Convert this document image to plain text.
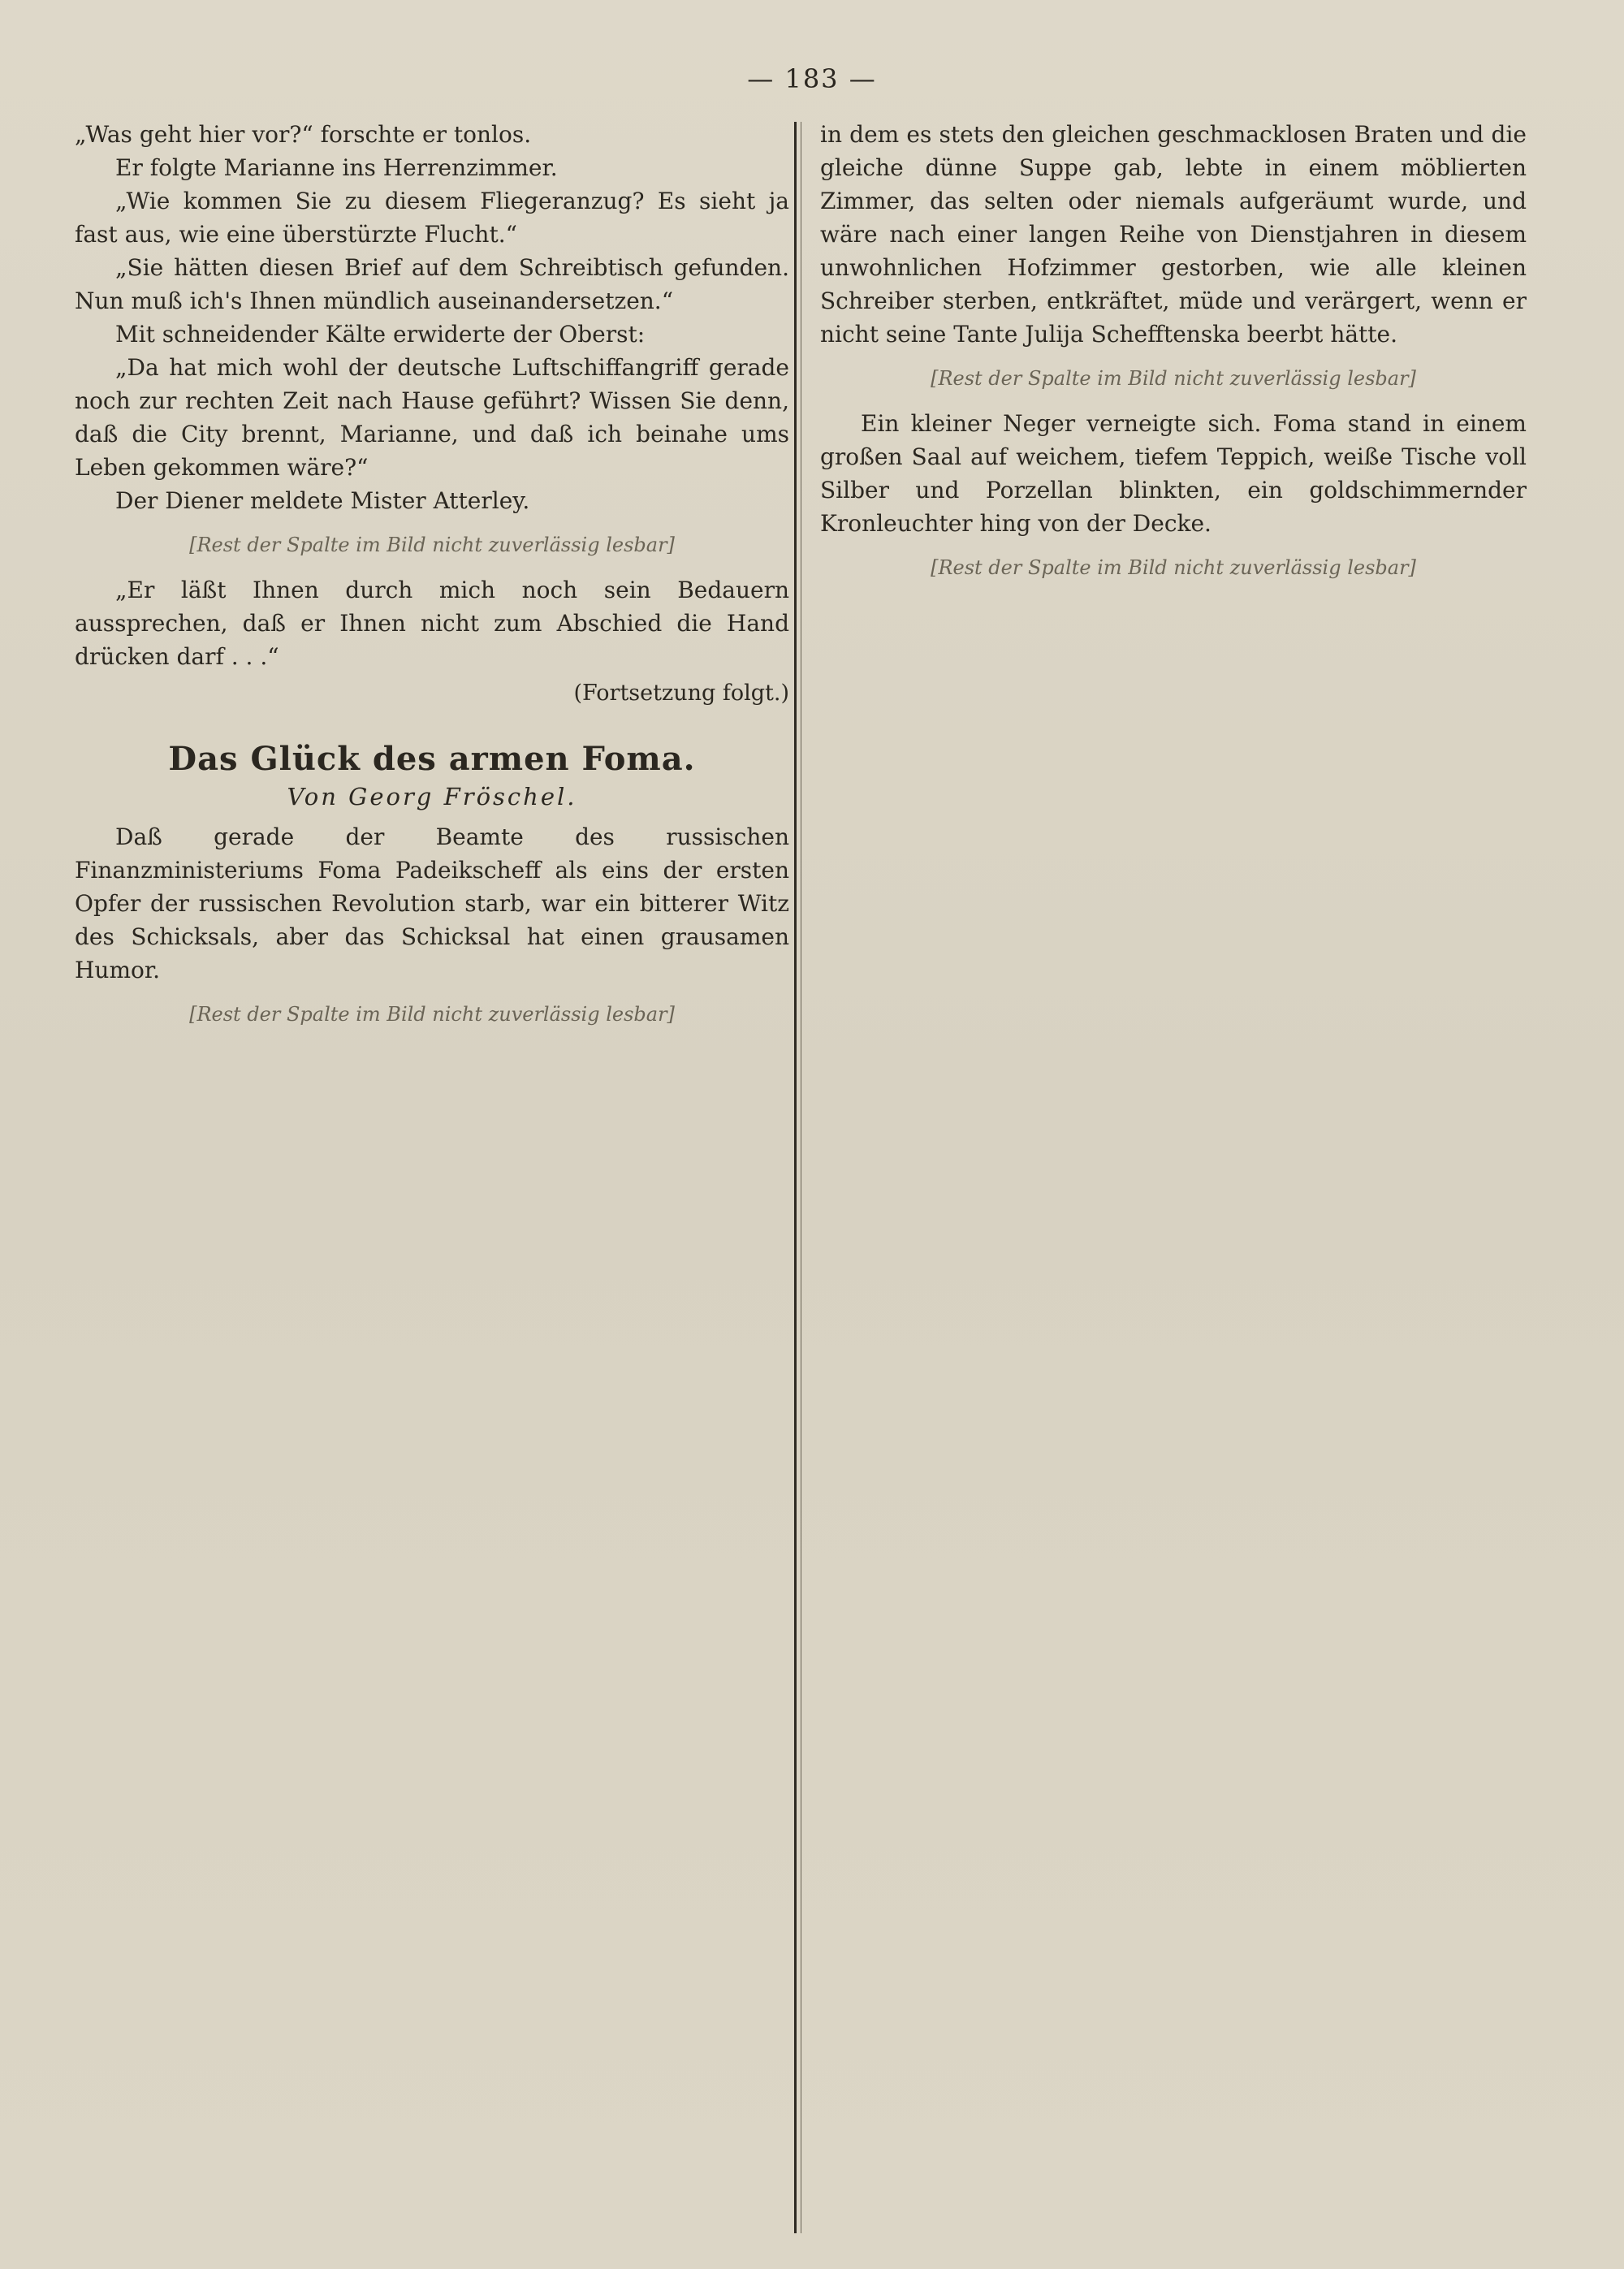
— 183 —

„Was geht hier vor?“ forschte er tonlos.

Er folgte Marianne ins Herrenzimmer.

„Wie kommen Sie zu diesem Fliegeranzug? Es sieht ja fast aus, wie eine überstürzte Flucht.“

„Sie hätten diesen Brief auf dem Schreibtisch gefunden. Nun muß ich's Ihnen mündlich auseinandersetzen.“

Mit schneidender Kälte erwiderte der Oberst:

„Da hat mich wohl der deutsche Luftschiffangriff gerade noch zur rechten Zeit nach Hause geführt? Wissen Sie denn, daß die City brennt, Marianne, und daß ich beinahe ums Leben gekommen wäre?“

Der Diener meldete Mister Atterley.

[Rest der Spalte im Bild nicht zuverlässig lesbar]

„Er läßt Ihnen durch mich noch sein Bedauern aussprechen, daß er Ihnen nicht zum Abschied die Hand drücken darf . . .“

(Fortsetzung folgt.)
Das Glück des armen Foma.
Von Georg Fröschel.

Daß gerade der Beamte des russischen Finanzministeriums Foma Padeikscheff als eins der ersten Opfer der russischen Revolution starb, war ein bitterer Witz des Schicksals, aber das Schicksal hat einen grausamen Humor.

[Rest der Spalte im Bild nicht zuverlässig lesbar]

in dem es stets den gleichen geschmacklosen Braten und die gleiche dünne Suppe gab, lebte in einem möblierten Zimmer, das selten oder niemals aufgeräumt wurde, und wäre nach einer langen Reihe von Dienstjahren in diesem unwohnlichen Hofzimmer gestorben, wie alle kleinen Schreiber sterben, entkräftet, müde und verärgert, wenn er nicht seine Tante Julija Schefftenska beerbt hätte.

[Rest der Spalte im Bild nicht zuverlässig lesbar]

Ein kleiner Neger verneigte sich. Foma stand in einem großen Saal auf weichem, tiefem Teppich, weiße Tische voll Silber und Porzellan blinkten, ein goldschimmernder Kronleuchter hing von der Decke.

[Rest der Spalte im Bild nicht zuverlässig lesbar]
